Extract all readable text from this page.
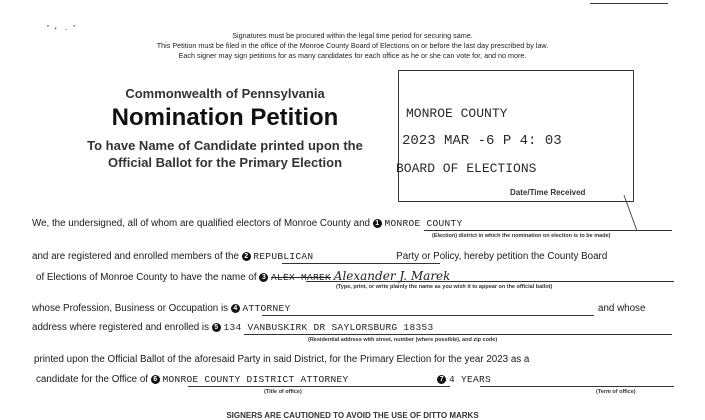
⠁⠂ · ⠁
Signatures must be procured within the legal time period for securing same.
This Petition must be filed in the office of the Monroe County Board of Elections on or before the last day prescribed by law.
Each signer may sign petitions for as many candidates for each office as he or she can vote for, and no more.
Commonwealth of Pennsylvania
Nomination Petition
To have Name of Candidate printed upon the
Official Ballot for the Primary Election
MONROE COUNTY
2023 MAR -6 P 4: 03
BOARD OF ELECTIONS
Date/Time Received
We, the undersigned, all of whom are qualified electors of Monroe County and 1 MONROE COUNTY
(Election) district in which the nomination on election is to be made)
and are registered and enrolled members of the 2 REPUBLICAN	Party or Policy, hereby petition the County Board
of Elections of Monroe County to have the name of 3 ALEX MAREK Alexander J. Marek
(Type, print, or write plainly the name as you wish it to appear on the official ballot)
whose Profession, Business or Occupation is 4 ATTORNEY	and whose
address where registered and enrolled is 5 134 VANBUSKIRK DR SAYLORSBURG 18353
(Residential address with street, number (where possible), and zip code)
printed upon the Official Ballot of the aforesaid Party in said District, for the Primary Election for the year 2023 as a
candidate for the Office of 6 MONROE COUNTY DISTRICT ATTORNEY	7 4 YEARS
(Title of office)	(Term of office)
SIGNERS ARE CAUTIONED TO AVOID THE USE OF DITTO MARKS
